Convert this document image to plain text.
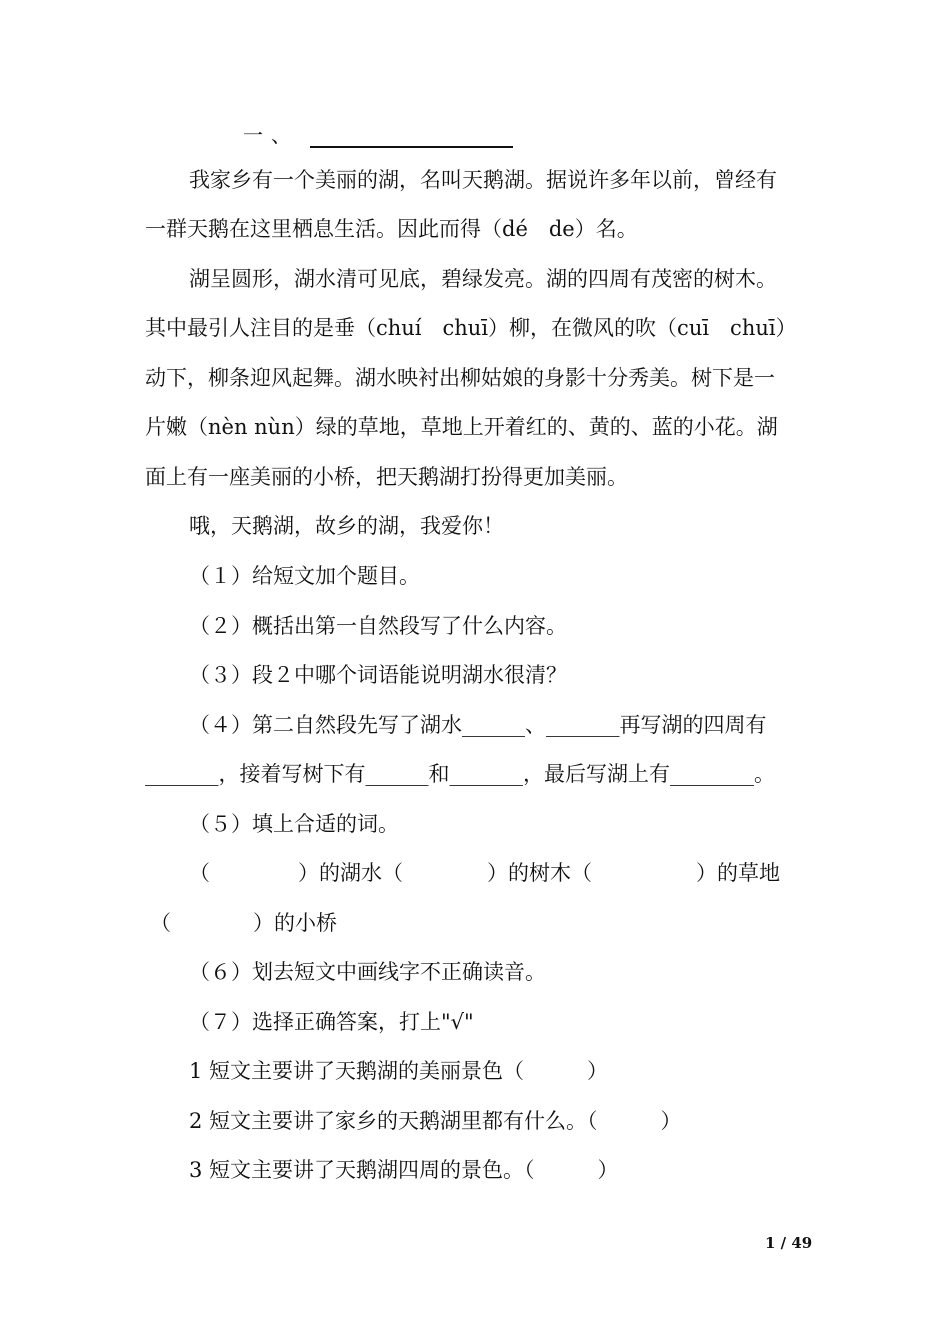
一、
我家乡有一个美丽的湖，名叫天鹅湖。据说许多年以前，曾经有
一群天鹅在这里栖息生活。因此而得（dé　de）名。
湖呈圆形，湖水清可见底，碧绿发亮。湖的四周有茂密的树木。
其中最引人注目的是垂（chuí　chuī）柳，在微风的吹（cuī　chuī）
动下，柳条迎风起舞。湖水映衬出柳姑娘的身影十分秀美。树下是一
片嫩（nèn nùn）绿的草地，草地上开着红的、黄的、蓝的小花。湖
面上有一座美丽的小桥，把天鹅湖打扮得更加美丽。
哦，天鹅湖，故乡的湖，我爱你！
（１）给短文加个题目。
（２）概括出第一自然段写了什么内容。
（３）段２中哪个词语能说明湖水很清？
（４）第二自然段先写了湖水______、_______再写湖的四周有
_______，接着写树下有______和_______，最后写湖上有________。
（５）填上合适的词。
（	）的湖水（	）的树木（	）的草地
（	）的小桥
（６）划去短文中画线字不正确读音。
（７）选择正确答案，打上"√"
1 短文主要讲了天鹅湖的美丽景色（　　　）
2 短文主要讲了家乡的天鹅湖里都有什么。（　　　）
3 短文主要讲了天鹅湖四周的景色。（　　　）
1 / 49
